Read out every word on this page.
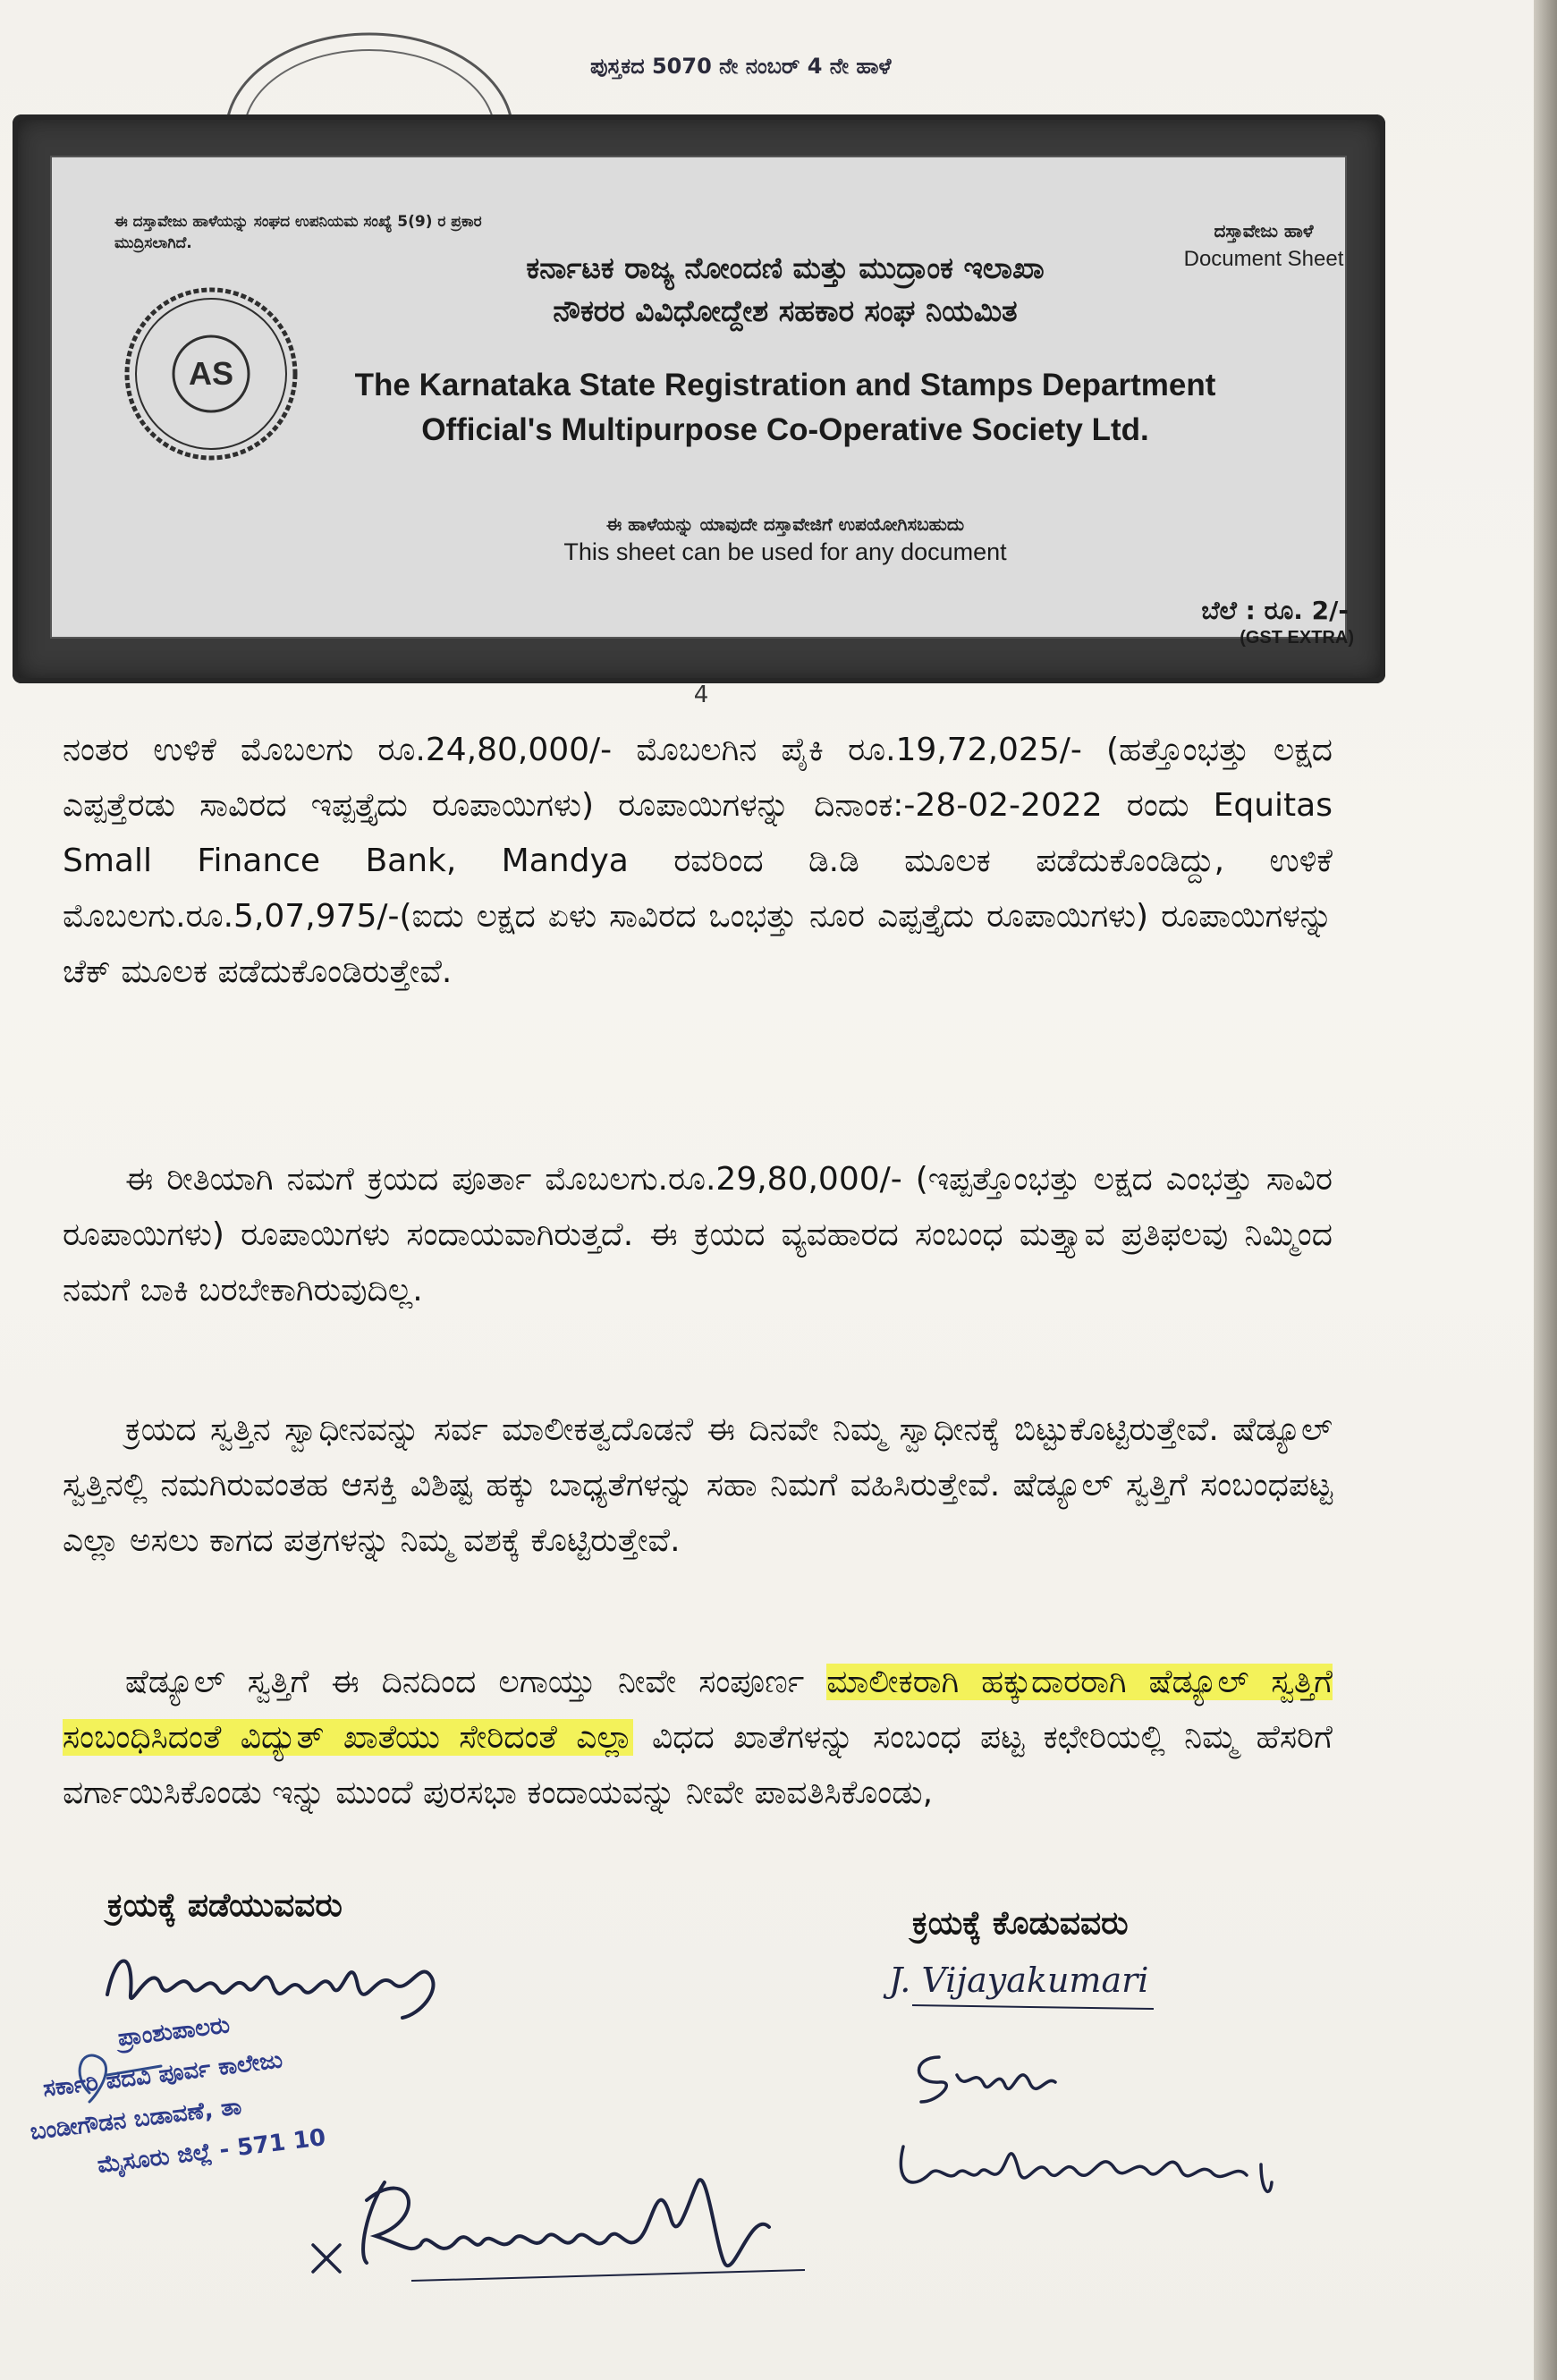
ಪುಸ್ತಕದ 5070 ನೇ ನಂಬರ್ 4 ನೇ ಹಾಳೆ
ಈ ದಸ್ತಾವೇಜು ಹಾಳೆಯನ್ನು ಸಂಘದ ಉಪನಿಯಮ ಸಂಖ್ಯೆ 5(9) ರ ಪ್ರಕಾರ ಮುದ್ರಿಸಲಾಗಿದೆ.
ಕರ್ನಾಟಕ ರಾಜ್ಯ ನೋಂದಣಿ ಮತ್ತು ಮುದ್ರಾಂಕ ಇಲಾಖಾ
ನೌಕರರ ವಿವಿಧೋದ್ದೇಶ ಸಹಕಾರ ಸಂಘ ನಿಯಮಿತ
The Karnataka State Registration and Stamps Department
Official's Multipurpose Co-Operative Society Ltd.
ದಸ್ತಾವೇಜು ಹಾಳೆ
Document Sheet
ಈ ಹಾಳೆಯನ್ನು ಯಾವುದೇ ದಸ್ತಾವೇಜಿಗೆ ಉಪಯೋಗಿಸಬಹುದು
This sheet can be used for any document
ಬೆಲೆ : ರೂ. 2/-
(GST EXTRA)
AS
4
ನಂತರ ಉಳಿಕೆ ಮೊಬಲಗು ರೂ.24,80,000/- ಮೊಬಲಗಿನ ಪೈಕಿ ರೂ.19,72,025/- (ಹತ್ತೊಂಭತ್ತು ಲಕ್ಷದ ಎಪ್ಪತ್ತೆರಡು ಸಾವಿರದ ಇಪ್ಪತ್ತೈದು ರೂಪಾಯಿಗಳು) ರೂಪಾಯಿಗಳನ್ನು ದಿನಾಂಕ:-28-02-2022 ರಂದು Equitas Small Finance Bank, Mandya ರವರಿಂದ ಡಿ.ಡಿ ಮೂಲಕ ಪಡೆದುಕೊಂಡಿದ್ದು, ಉಳಿಕೆ ಮೊಬಲಗು.ರೂ.5,07,975/-(ಐದು ಲಕ್ಷದ ಏಳು ಸಾವಿರದ ಒಂಭತ್ತು ನೂರ ಎಪ್ಪತ್ತೈದು ರೂಪಾಯಿಗಳು) ರೂಪಾಯಿಗಳನ್ನು ಚೆಕ್ ಮೂಲಕ ಪಡೆದುಕೊಂಡಿರುತ್ತೇವೆ.
ಈ ರೀತಿಯಾಗಿ ನಮಗೆ ಕ್ರಯದ ಪೂರ್ತಾ ಮೊಬಲಗು.ರೂ.29,80,000/- (ಇಪ್ಪತ್ತೊಂಭತ್ತು ಲಕ್ಷದ ಎಂಭತ್ತು ಸಾವಿರ ರೂಪಾಯಿಗಳು) ರೂಪಾಯಿಗಳು ಸಂದಾಯವಾಗಿರುತ್ತದೆ. ಈ ಕ್ರಯದ ವ್ಯವಹಾರದ ಸಂಬಂಧ ಮತ್ತ್ಯಾವ ಪ್ರತಿಫಲವು ನಿಮ್ಮಿಂದ ನಮಗೆ ಬಾಕಿ ಬರಬೇಕಾಗಿರುವುದಿಲ್ಲ.
ಕ್ರಯದ ಸ್ವತ್ತಿನ ಸ್ವಾಧೀನವನ್ನು ಸರ್ವ ಮಾಲೀಕತ್ವದೊಡನೆ ಈ ದಿನವೇ ನಿಮ್ಮ ಸ್ವಾಧೀನಕ್ಕೆ ಬಿಟ್ಟುಕೊಟ್ಟಿರುತ್ತೇವೆ. ಷೆಡ್ಯೂಲ್ ಸ್ವತ್ತಿನಲ್ಲಿ ನಮಗಿರುವಂತಹ ಆಸಕ್ತಿ ವಿಶಿಷ್ಟ ಹಕ್ಕು ಬಾಧ್ಯತೆಗಳನ್ನು ಸಹಾ ನಿಮಗೆ ವಹಿಸಿರುತ್ತೇವೆ. ಷೆಡ್ಯೂಲ್ ಸ್ವತ್ತಿಗೆ ಸಂಬಂಧಪಟ್ಟ ಎಲ್ಲಾ ಅಸಲು ಕಾಗದ ಪತ್ರಗಳನ್ನು ನಿಮ್ಮ ವಶಕ್ಕೆ ಕೊಟ್ಟಿರುತ್ತೇವೆ.
ಷೆಡ್ಯೂಲ್ ಸ್ವತ್ತಿಗೆ ಈ ದಿನದಿಂದ ಲಗಾಯ್ತು ನೀವೇ ಸಂಪೂರ್ಣ ಮಾಲೀಕರಾಗಿ ಹಕ್ಕುದಾರರಾಗಿ ಷೆಡ್ಯೂಲ್ ಸ್ವತ್ತಿಗೆ ಸಂಬಂಧಿಸಿದಂತೆ ವಿದ್ಯುತ್ ಖಾತೆಯು ಸೇರಿದಂತೆ ಎಲ್ಲಾ ವಿಧದ ಖಾತೆಗಳನ್ನು ಸಂಬಂಧ ಪಟ್ಟ ಕಛೇರಿಯಲ್ಲಿ ನಿಮ್ಮ ಹೆಸರಿಗೆ ವರ್ಗಾಯಿಸಿಕೊಂಡು ಇನ್ನು ಮುಂದೆ ಪುರಸಭಾ ಕಂದಾಯವನ್ನು ನೀವೇ ಪಾವತಿಸಿಕೊಂಡು,
ಕ್ರಯಕ್ಕೆ ಪಡೆಯುವವರು	ಕ್ರಯಕ್ಕೆ ಕೊಡುವವರು
J. Vijayakumari
ಪ್ರಾಂಶುಪಾಲರು
ಸರ್ಕಾರಿ ಪದವಿ ಪೂರ್ವ ಕಾಲೇಜು
ಬಂಡೀಗೌಡನ ಬಡಾವಣೆ, ತಾ
ಮೈಸೂರು ಜಿಲ್ಲೆ - 571 10
